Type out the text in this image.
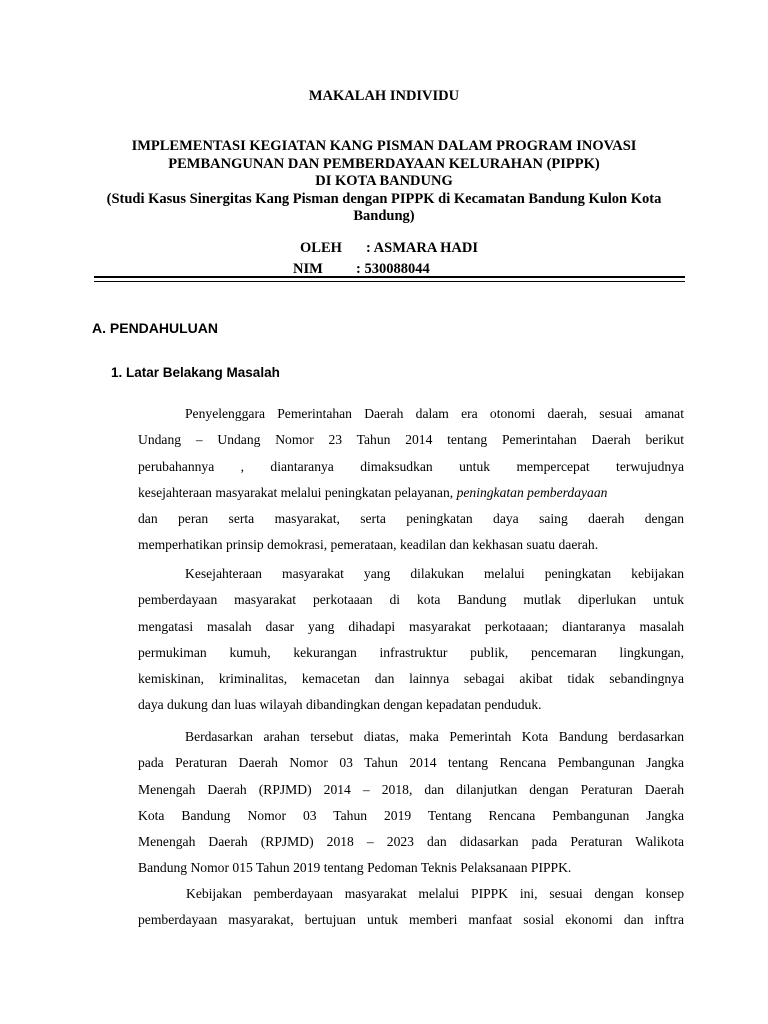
MAKALAH INDIVIDU
IMPLEMENTASI KEGIATAN KANG PISMAN DALAM PROGRAM INOVASI
PEMBANGUNAN DAN PEMBERDAYAAN KELURAHAN (PIPPK)
DI KOTA BANDUNG
(Studi Kasus Sinergitas Kang Pisman dengan PIPPK di Kecamatan Bandung Kulon Kota
Bandung)
OLEH : ASMARA HADI
NIM : 530088044
A. PENDAHULUAN
1. Latar Belakang Masalah
Penyelenggara Pemerintahan Daerah dalam era otonomi daerah, sesuai amanat
Undang – Undang Nomor 23 Tahun 2014 tentang Pemerintahan Daerah berikut
perubahannya , diantaranya dimaksudkan untuk mempercepat terwujudnya
kesejahteraan masyarakat melalui peningkatan pelayanan, peningkatan pemberdayaan
dan peran serta masyarakat, serta peningkatan daya saing daerah dengan
memperhatikan prinsip demokrasi, pemerataan, keadilan dan kekhasan suatu daerah.
Kesejahteraan masyarakat yang dilakukan melalui peningkatan kebijakan
pemberdayaan masyarakat perkotaaan di kota Bandung mutlak diperlukan untuk
mengatasi masalah dasar yang dihadapi masyarakat perkotaaan; diantaranya masalah
permukiman kumuh, kekurangan infrastruktur publik, pencemaran lingkungan,
kemiskinan, kriminalitas, kemacetan dan lainnya sebagai akibat tidak sebandingnya
daya dukung dan luas wilayah dibandingkan dengan kepadatan penduduk.
Berdasarkan arahan tersebut diatas, maka Pemerintah Kota Bandung berdasarkan
pada Peraturan Daerah Nomor 03 Tahun 2014 tentang Rencana Pembangunan Jangka
Menengah Daerah (RPJMD) 2014 – 2018, dan dilanjutkan dengan Peraturan Daerah
Kota Bandung Nomor 03 Tahun 2019 Tentang Rencana Pembangunan Jangka
Menengah Daerah (RPJMD) 2018 – 2023 dan didasarkan pada Peraturan Walikota
Bandung Nomor 015 Tahun 2019 tentang Pedoman Teknis Pelaksanaan PIPPK.
Kebijakan pemberdayaan masyarakat melalui PIPPK ini, sesuai dengan konsep
pemberdayaan masyarakat, bertujuan untuk memberi manfaat sosial ekonomi dan inftra
